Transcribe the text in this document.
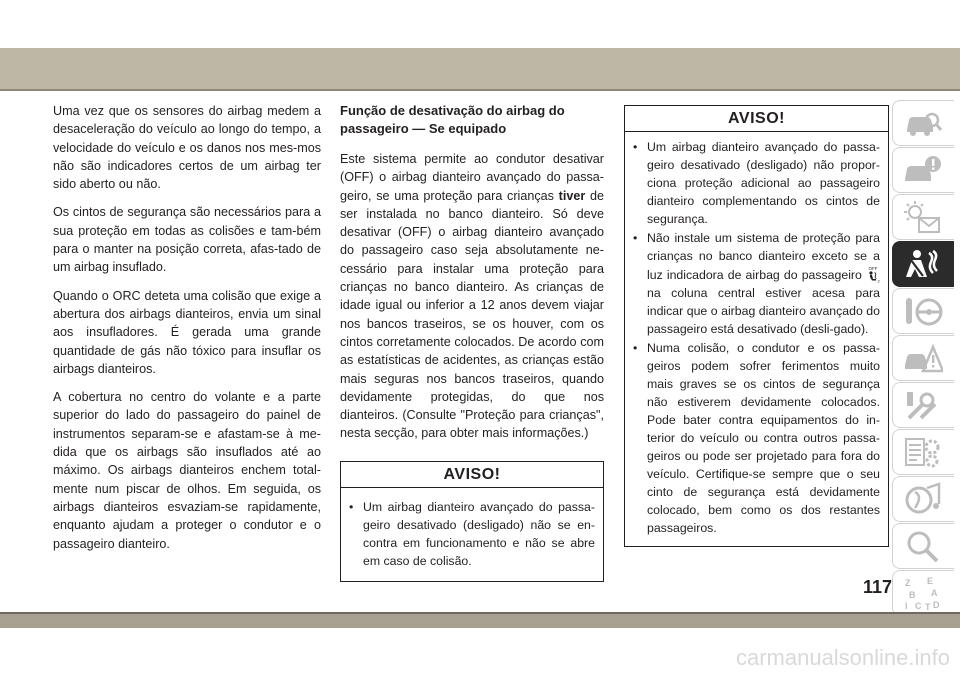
Uma vez que os sensores do airbag medem a desaceleração do veículo ao longo do tempo, a velocidade do veículo e os danos nos mes-mos não são indicadores certos de um airbag ter sido aberto ou não.

Os cintos de segurança são necessários para a sua proteção em todas as colisões e tam-bém para o manter na posição correta, afas-tado de um airbag insuflado.

Quando o ORC deteta uma colisão que exige a abertura dos airbags dianteiros, envia um sinal aos insufladores. É gerada uma grande quantidade de gás não tóxico para insuflar os airbags dianteiros.

A cobertura no centro do volante e a parte superior do lado do passageiro do painel de instrumentos separam-se e afastam-se à me-dida que os airbags são insuflados até ao máximo. Os airbags dianteiros enchem total-mente num piscar de olhos. Em seguida, os airbags dianteiros esvaziam-se rapidamente, enquanto ajudam a proteger o condutor e o passageiro dianteiro.

Função de desativação do airbag do passageiro — Se equipado

Este sistema permite ao condutor desativar (OFF) o airbag dianteiro avançado do passa-geiro, se uma proteção para crianças tiver de ser instalada no banco dianteiro. Só deve desativar (OFF) o airbag dianteiro avançado do passageiro caso seja absolutamente ne-cessário para instalar uma proteção para crianças no banco dianteiro. As crianças de idade igual ou inferior a 12 anos devem viajar nos bancos traseiros, se os houver, com os cintos corretamente colocados. De acordo com as estatísticas de acidentes, as crianças estão mais seguras nos bancos traseiros, quando devidamente protegidas, do que nos dianteiros. (Consulte "Proteção para crianças", nesta secção, para obter mais informações.)

AVISO!
• Um airbag dianteiro avançado do passa-geiro desativado (desligado) não se en-contra em funcionamento e não se abre em caso de colisão.
AVISO!
• Um airbag dianteiro avançado do passa-geiro desativado (desligado) não propor-ciona proteção adicional ao passageiro dianteiro complementando os cintos de segurança.
• Não instale um sistema de proteção para crianças no banco dianteiro exceto se a luz indicadora de airbag do passageiro OFF
2
na coluna central estiver acesa para indicar que o airbag dianteiro avançado do passageiro está desativado (desli-gado).
• Numa colisão, o condutor e os passa-geiros podem sofrer ferimentos muito mais graves se os cintos de segurança não estiverem devidamente colocados. Pode bater contra equipamentos do in-terior do veículo ou contra outros passa-geiros ou pode ser projetado para fora do veículo. Certifique-se sempre que o seu cinto de segurança está devidamente colocado, bem como os dos restantes passageiros.
Z E
B A
I C T D
117
carmanualsonline.info
